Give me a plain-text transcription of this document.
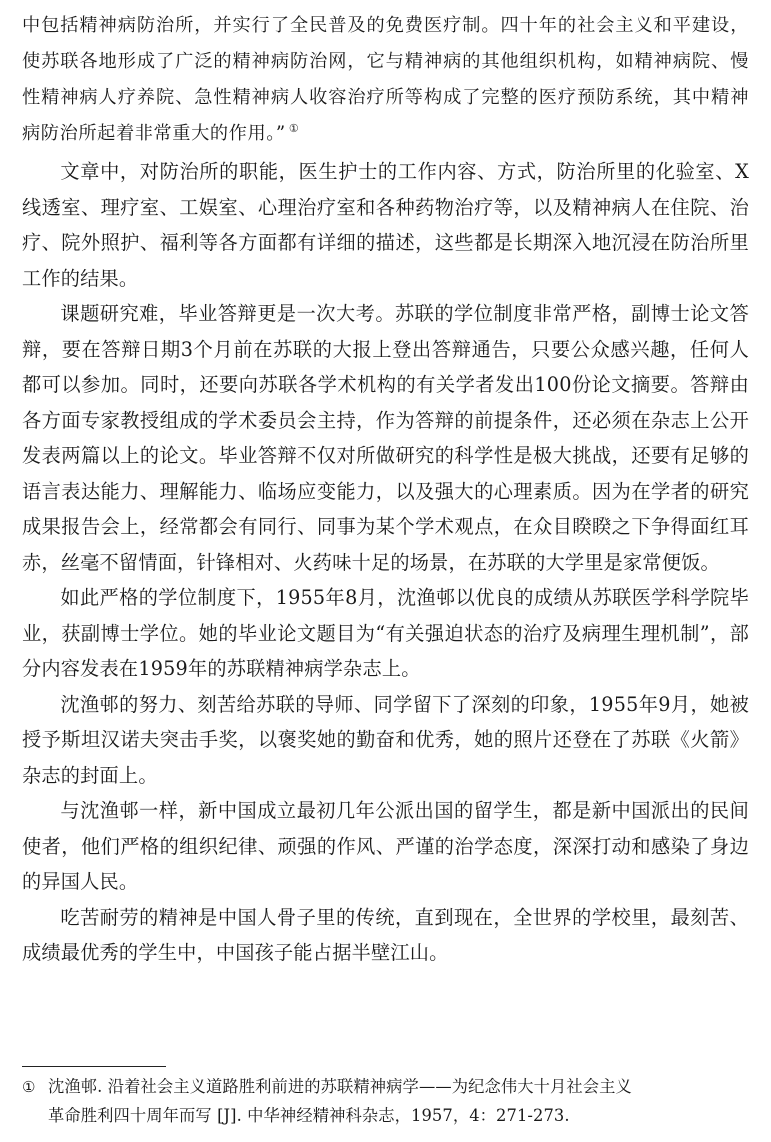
中包括精神病防治所，并实行了全民普及的免费医疗制。四十年的社会主义和平建设，使苏联各地形成了广泛的精神病防治网，它与精神病的其他组织机构，如精神病院、慢性精神病人疗养院、急性精神病人收容治疗所等构成了完整的医疗预防系统，其中精神病防治所起着非常重大的作用。” ①

文章中，对防治所的职能，医生护士的工作内容、方式，防治所里的化验室、X线透室、理疗室、工娱室、心理治疗室和各种药物治疗等，以及精神病人在住院、治疗、院外照护、福利等各方面都有详细的描述，这些都是长期深入地沉浸在防治所里工作的结果。

课题研究难，毕业答辩更是一次大考。苏联的学位制度非常严格，副博士论文答辩，要在答辩日期3个月前在苏联的大报上登出答辩通告，只要公众感兴趣，任何人都可以参加。同时，还要向苏联各学术机构的有关学者发出100份论文摘要。答辩由各方面专家教授组成的学术委员会主持，作为答辩的前提条件，还必须在杂志上公开发表两篇以上的论文。毕业答辩不仅对所做研究的科学性是极大挑战，还要有足够的语言表达能力、理解能力、临场应变能力，以及强大的心理素质。因为在学者的研究成果报告会上，经常都会有同行、同事为某个学术观点，在众目睽睽之下争得面红耳赤，丝毫不留情面，针锋相对、火药味十足的场景，在苏联的大学里是家常便饭。

如此严格的学位制度下，1955年8月，沈渔邨以优良的成绩从苏联医学科学院毕业，获副博士学位。她的毕业论文题目为“有关强迫状态的治疗及病理生理机制”，部分内容发表在1959年的苏联精神病学杂志上。

沈渔邨的努力、刻苦给苏联的导师、同学留下了深刻的印象，1955年9月，她被授予斯坦汉诺夫突击手奖，以褒奖她的勤奋和优秀，她的照片还登在了苏联《火箭》杂志的封面上。

与沈渔邨一样，新中国成立最初几年公派出国的留学生，都是新中国派出的民间使者，他们严格的组织纪律、顽强的作风、严谨的治学态度，深深打动和感染了身边的异国人民。

吃苦耐劳的精神是中国人骨子里的传统，直到现在，全世界的学校里，最刻苦、成绩最优秀的学生中，中国孩子能占据半壁江山。

① 沈渔邨. 沿着社会主义道路胜利前进的苏联精神病学——为纪念伟大十月社会主义
革命胜利四十周年而写 [J]. 中华神经精神科杂志，1957，4：271-273.
